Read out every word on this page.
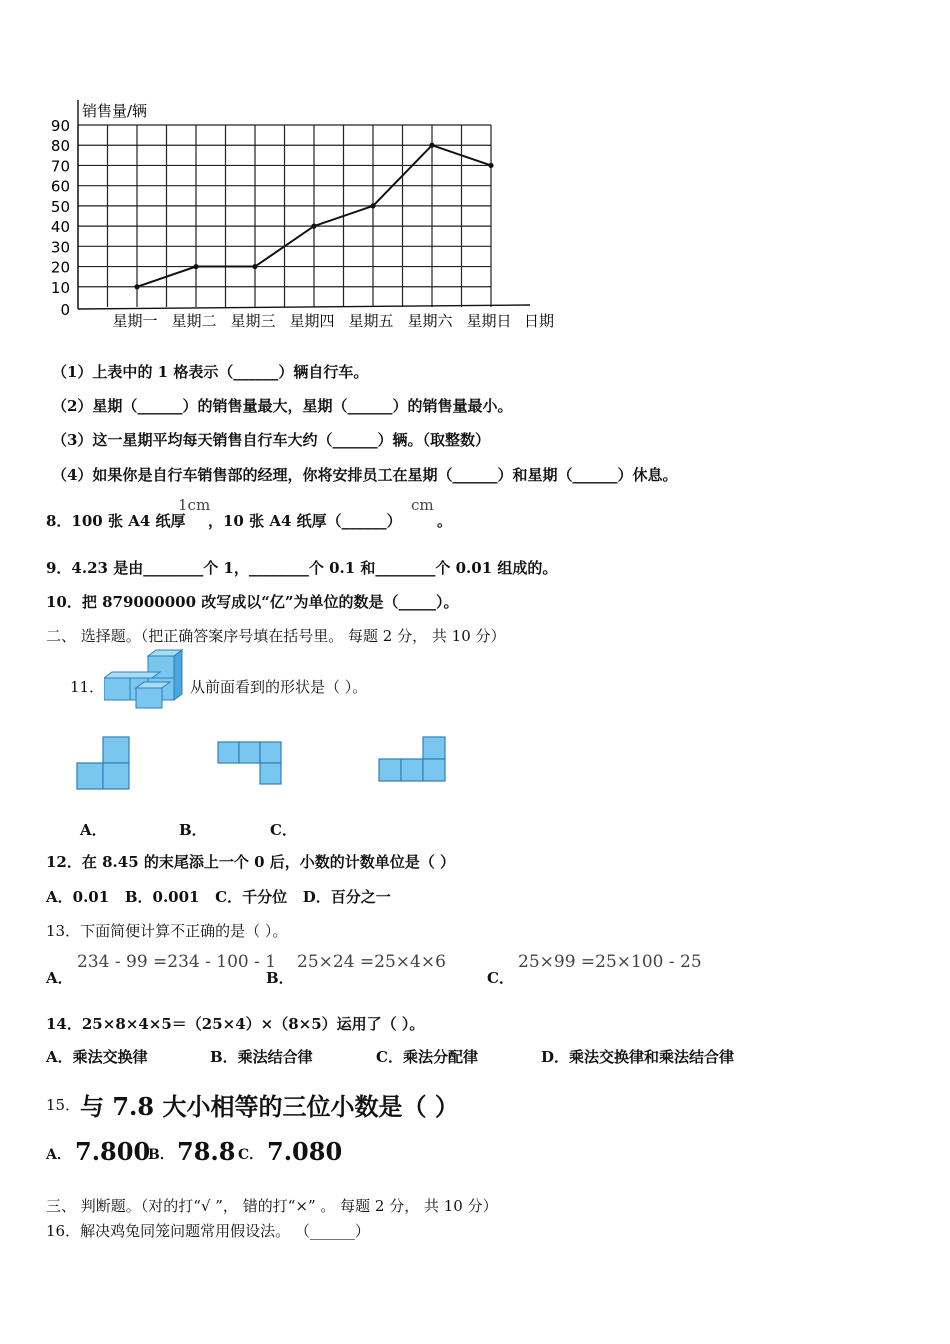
0
10
20
30
40
50
60
70
80
90
星期一 星期二 星期三 星期四 星期五 星期六 星期日
销售量/辆
日期
（1）上表中的 1 格表示（______）辆自行车。
（2）星期（______）的销售量最大，星期（______）的销售量最小。
（3）这一星期平均每天销售自行车大约（______）辆。（取整数）
（4）如果你是自行车销售部的经理，你将安排员工在星期（______）和星期（______）休息。
8．100 张 A4 纸厚
1cm
，10 张 A4 纸厚（______）
cm
。
9．4.23 是由________个 1，________个 0.1 和________个 0.01 组成的。
10．把 879000000 改写成以“亿”为单位的数是（_____）。
二、 选择题。（把正确答案序号填在括号里。 每题 2 分， 共 10 分）
11．	从前面看到的形状是（ ）。
A．	B．	C．
12．在 8.45 的末尾添上一个 0 后，小数的计数单位是（ ）
A．0.01   B．0.001   C．千分位   D．百分之一
13．下面简便计算不正确的是（ ）。
A．
234 - 99 =234 - 100 - 1
B．
25×24 =25×4×6
C．
25×99 =25×100 - 25
14．25×8×4×5＝（25×4）×（8×5）运用了（ ）。
A．乘法交换律	B．乘法结合律	C．乘法分配律	D．乘法交换律和乘法结合律
15． 与 7.8 大小相等的三位小数是（ ）
A． 7.800
B． 78.8 C． 7.080
三、 判断题。（对的打“√ ”， 错的打“×” 。 每题 2 分， 共 10 分）
16．解决鸡兔同笼问题常用假设法。 （______）
